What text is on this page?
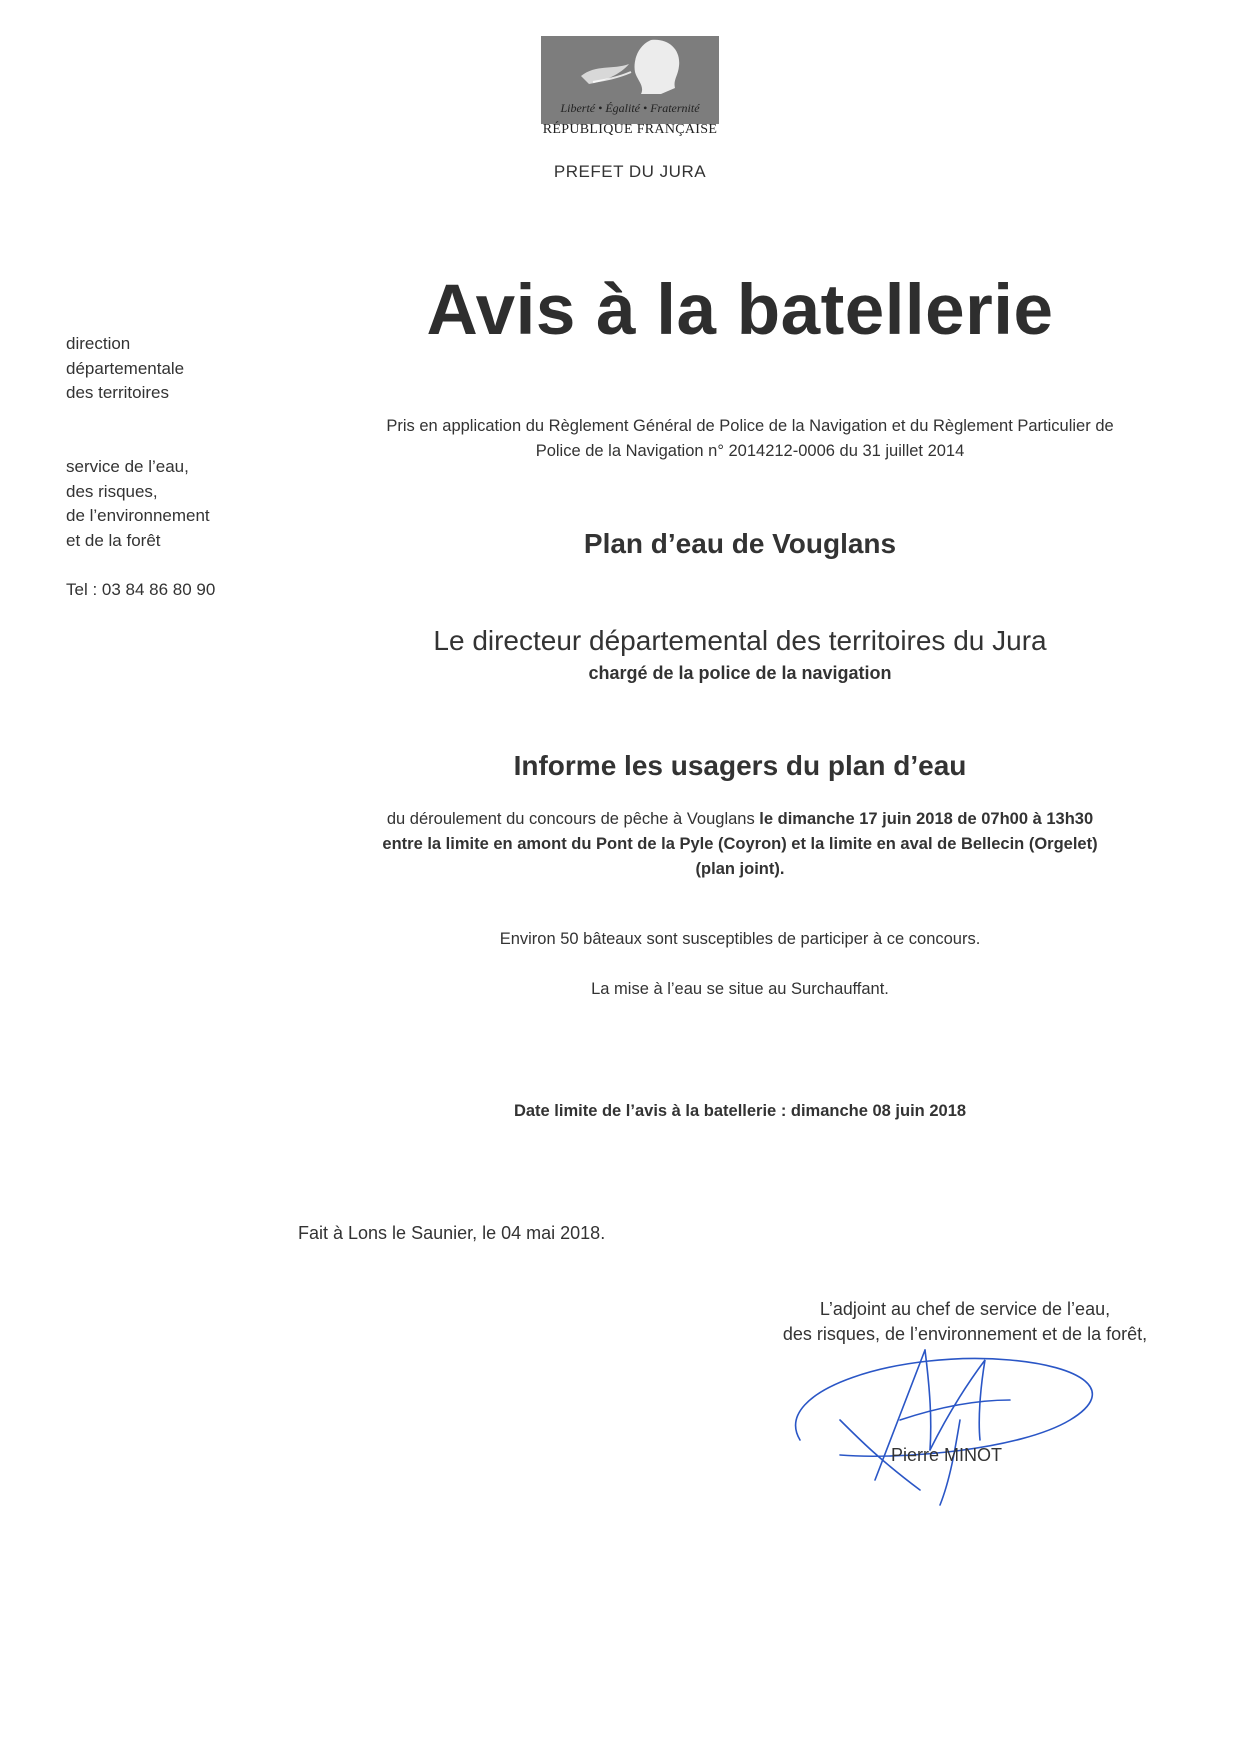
Liberté • Égalité • Fraternité
RÉPUBLIQUE FRANÇAISE
PREFET DU JURA
direction
départementale
des territoires
service de l’eau,
des risques,
de l’environnement
et de la forêt
Tel : 03 84 86 80 90
Avis à la batellerie
Pris en application du Règlement Général de Police de la Navigation et du Règlement Particulier de
Police de la Navigation n° 2014212-0006 du 31 juillet 2014
Plan d’eau de Vouglans
Le directeur départemental des territoires du Jura
chargé de la police de la navigation
Informe les usagers du plan d’eau
du déroulement du concours de pêche à Vouglans le dimanche 17 juin 2018 de 07h00 à 13h30
entre la limite en amont du Pont de la Pyle (Coyron) et la limite en aval de Bellecin (Orgelet)
(plan joint).
Environ 50 bâteaux sont susceptibles de participer à ce concours.
La mise à l’eau se situe au Surchauffant.
Date limite de l’avis à la batellerie : dimanche 08 juin 2018
Fait à Lons le Saunier, le 04 mai 2018.
L’adjoint au chef de service de l’eau,
des risques, de l’environnement et de la forêt,
Pierre MINOT
